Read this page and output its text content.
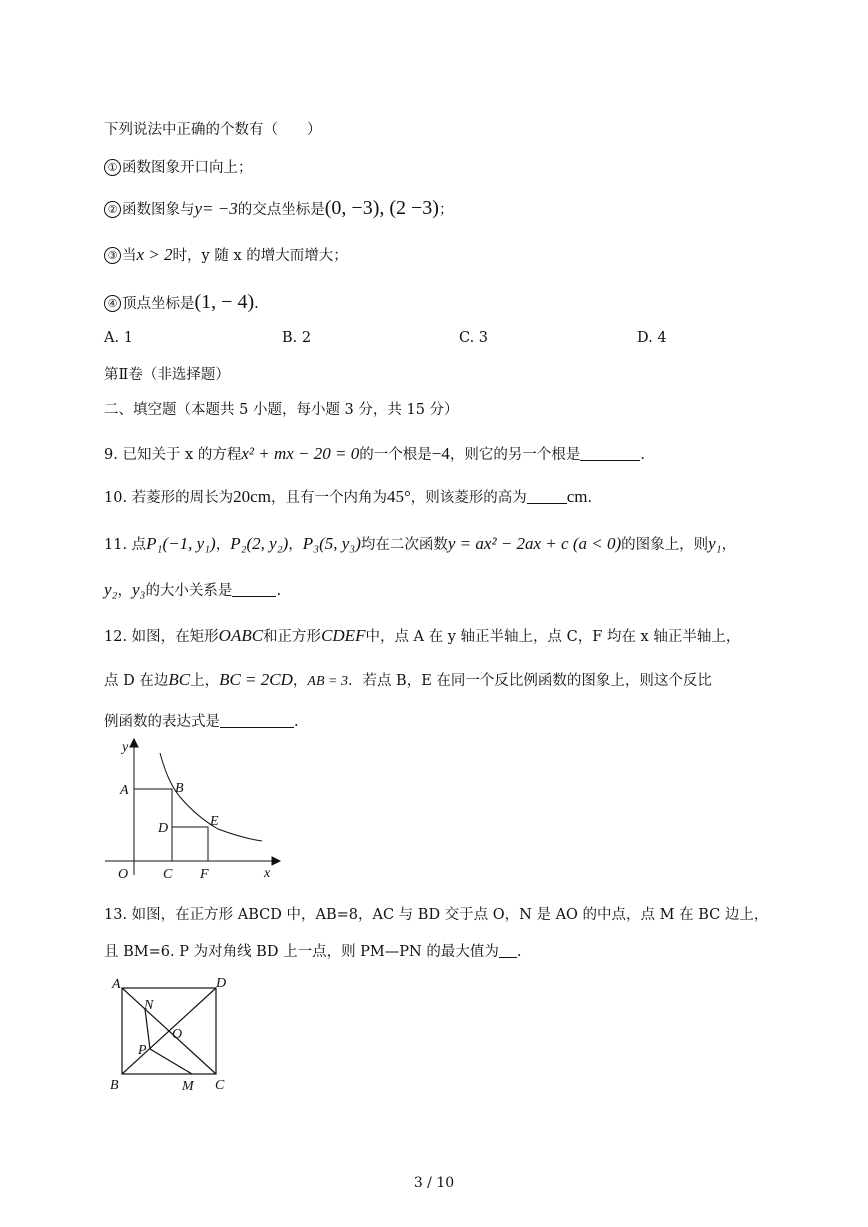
下列说法中正确的个数有（　　）
① 函数图象开口向上；
② 函数图象与y= −3的交点坐标是(0, −3), (2 −3)；
③ 当x > 2时，y 随 x 的增大而增大；
④ 顶点坐标是(1, − 4).
A. 1	B. 2	C. 3	D. 4
第Ⅱ卷（非选择题）
二、填空题（本题共 5 小题，每小题 3 分，共 15 分）
9. 已知关于 x 的方程x² + mx − 20 = 0的一个根是−4，则它的另一个根是	.
10. 若菱形的周长为20cm，且有一个内角为45°，则该菱形的高为 cm.
11. 点P₁(−1, y₁)，P₂(2, y₂)，P₃(5, y₃)均在二次函数y = ax² − 2ax + c (a < 0)的图象上，则y₁，
y₂，y₃的大小关系是	.
12. 如图，在矩形OABC和正方形CDEF中，点 A 在 y 轴正半轴上，点 C，F 均在 x 轴正半轴上，
点 D 在边BC上，BC = 2CD，AB = 3．若点 B，E 在同一个反比例函数的图象上，则这个反比
例函数的表达式是	.
y
x
A	B
D	E
O C F
13. 如图，在正方形 ABCD 中，AB=8，AC 与 BD 交于点 O，N 是 AO 的中点，点 M 在 BC 边上，
且 BM=6. P 为对角线 BD 上一点，则 PM—PN 的最大值为 .
A	D
N
O
P
B	M C
3 / 10
